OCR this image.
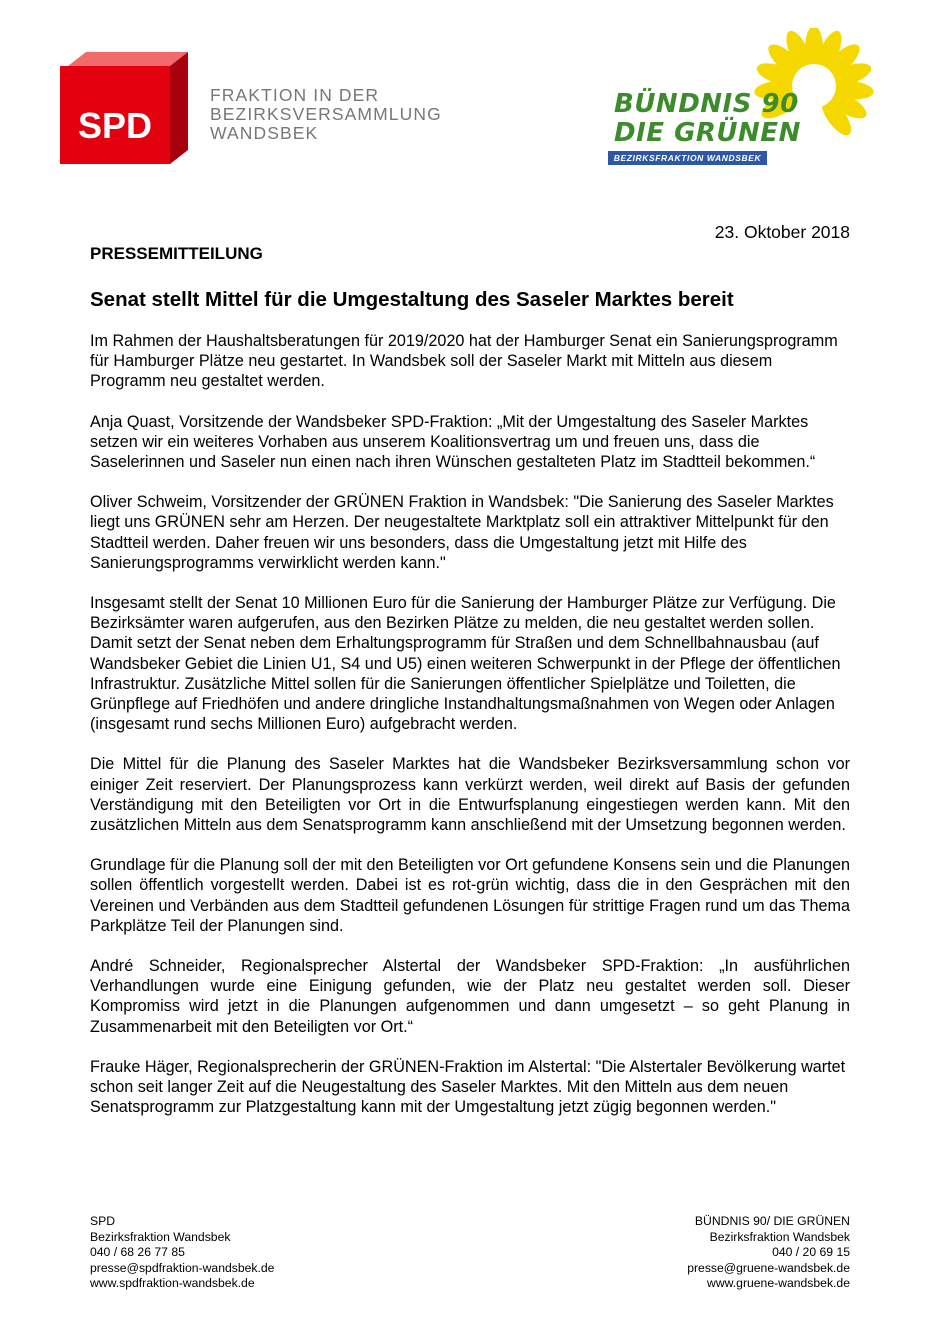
SPD
FRAKTION IN DER
BEZIRKSVERSAMMLUNG
WANDSBEK
BÜNDNIS 90
DIE GRÜNEN
BEZIRKSFRAKTION WANDSBEK
23. Oktober 2018
PRESSEMITTEILUNG
Senat stellt Mittel für die Umgestaltung des Saseler Marktes bereit

Im Rahmen der Haushaltsberatungen für 2019/2020 hat der Hamburger Senat ein Sanierungsprogramm für Hamburger Plätze neu gestartet. In Wandsbek soll der Saseler Markt mit Mitteln aus diesem Programm neu gestaltet werden.

Anja Quast, Vorsitzende der Wandsbeker SPD-Fraktion: „Mit der Umgestaltung des Saseler Marktes setzen wir ein weiteres Vorhaben aus unserem Koalitionsvertrag um und freuen uns, dass die Saselerinnen und Saseler nun einen nach ihren Wünschen gestalteten Platz im Stadtteil bekommen.“

Oliver Schweim, Vorsitzender der GRÜNEN Fraktion in Wandsbek: "Die Sanierung des Saseler Marktes liegt uns GRÜNEN sehr am Herzen. Der neugestaltete Marktplatz soll ein attraktiver Mittelpunkt für den Stadtteil werden. Daher freuen wir uns besonders, dass die Umgestaltung jetzt mit Hilfe des Sanierungsprogramms verwirklicht werden kann."

Insgesamt stellt der Senat 10 Millionen Euro für die Sanierung der Hamburger Plätze zur Verfügung. Die Bezirksämter waren aufgerufen, aus den Bezirken Plätze zu melden, die neu gestaltet werden sollen. Damit setzt der Senat neben dem Erhaltungsprogramm für Straßen und dem Schnellbahnausbau (auf Wandsbeker Gebiet die Linien U1, S4 und U5) einen weiteren Schwerpunkt in der Pflege der öffentlichen Infrastruktur. Zusätzliche Mittel sollen für die Sanierungen öffentlicher Spielplätze und Toiletten, die Grünpflege auf Friedhöfen und andere dringliche Instandhaltungsmaßnahmen von Wegen oder Anlagen (insgesamt rund sechs Millionen Euro) aufgebracht werden.

Die Mittel für die Planung des Saseler Marktes hat die Wandsbeker Bezirksversammlung schon vor einiger Zeit reserviert. Der Planungsprozess kann verkürzt werden, weil direkt auf Basis der gefunden Verständigung mit den Beteiligten vor Ort in die Entwurfsplanung eingestiegen werden kann. Mit den zusätzlichen Mitteln aus dem Senatsprogramm kann anschließend mit der Umsetzung begonnen werden.

Grundlage für die Planung soll der mit den Beteiligten vor Ort gefundene Konsens sein und die Planungen sollen öffentlich vorgestellt werden. Dabei ist es rot-grün wichtig, dass die in den Gesprächen mit den Vereinen und Verbänden aus dem Stadtteil gefundenen Lösungen für strittige Fragen rund um das Thema Parkplätze Teil der Planungen sind.

André Schneider, Regionalsprecher Alstertal der Wandsbeker SPD-Fraktion: „In ausführlichen Verhandlungen wurde eine Einigung gefunden, wie der Platz neu gestaltet werden soll. Dieser Kompromiss wird jetzt in die Planungen aufgenommen und dann umgesetzt – so geht Planung in Zusammenarbeit mit den Beteiligten vor Ort.“

Frauke Häger, Regionalsprecherin der GRÜNEN-Fraktion im Alstertal: "Die Alstertaler Bevölkerung wartet schon seit langer Zeit auf die Neugestaltung des Saseler Marktes. Mit den Mitteln aus dem neuen Senatsprogramm zur Platzgestaltung kann mit der Umgestaltung jetzt zügig begonnen werden."

SPD
Bezirksfraktion Wandsbek
040 / 68 26 77 85
presse@spdfraktion-wandsbek.de
www.spdfraktion-wandsbek.de
BÜNDNIS 90/ DIE GRÜNEN
Bezirksfraktion Wandsbek
040 / 20 69 15
presse@gruene-wandsbek.de
www.gruene-wandsbek.de
